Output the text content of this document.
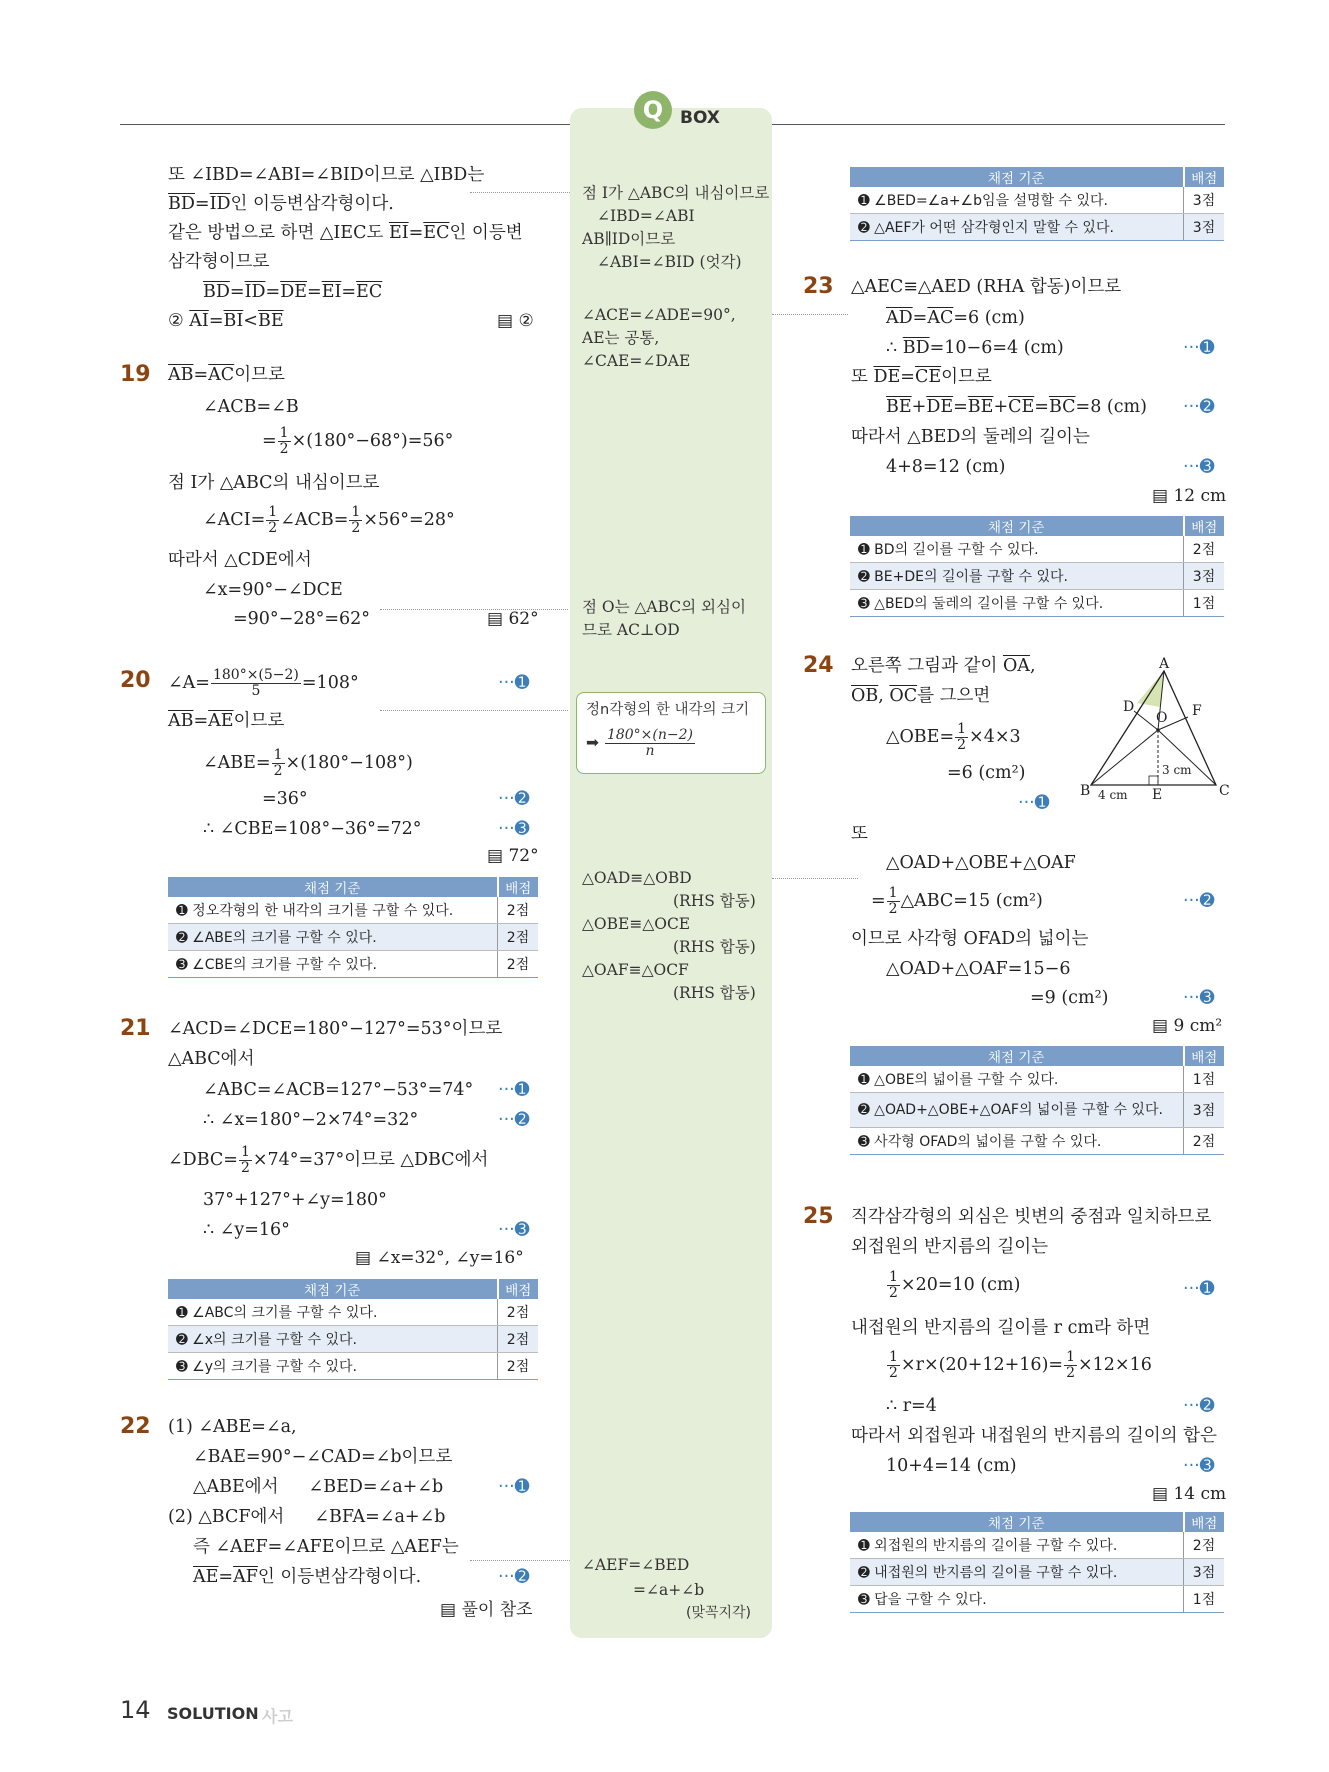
Q BOX
또 ∠IBD=∠ABI=∠BID이므로 △IBD는
$\overline{BD}=\overline{ID}$인 이등변삼각형이다.
같은 방법으로 하면 △IEC도 $\overline{EI}=\overline{EC}$인 이등변
삼각형이므로
$\overline{BD}=\overline{ID}=\overline{DE}=\overline{EI}=\overline{EC}$
② $\overline{AI}=\overline{BI}<\overline{BE}$	▤ ②
19 $\overline{AB}=\overline{AC}$이므로
∠ACB=∠B
= $\frac{1}{2} \times(180^\circ-68^\circ)=56^\circ$
점 I가 △ABC의 내심이므로
∠ACI= $\frac{1}{2}$ ∠ACB= $\frac{1}{2} \times 56^\circ=28^\circ$
따라서 △CDE에서
∠x=90°−∠DCE
=90°−28°=62°	▤ 62°
20 ∠A= $\frac{180^\circ\times(5-2)}{5} =108^\circ$	···➊
$\overline{AB}=\overline{AE}$이므로
∠ABE= $\frac{1}{2} \times(180^\circ-108^\circ)$
=36°	···➋
∴ ∠CBE=108°−36°=72°	···➌
▤ 72°
채점 기준	배점
➊ 정오각형의 한 내각의 크기를 구할 수 있다.	2점
➋ ∠ABE의 크기를 구할 수 있다.	2점
➌ ∠CBE의 크기를 구할 수 있다.	2점
21 ∠ACD=∠DCE=180°−127°=53°이므로
△ABC에서
∠ABC=∠ACB=127°−53°=74° ···➊
∴ ∠x=180°−2×74°=32°	···➋
∠DBC= $\frac{1}{2} \times 74^\circ=37^\circ$이므로 △DBC에서
37°+127°+∠y=180°
∴ ∠y=16°	···➌
▤ ∠x=32°, ∠y=16°
채점 기준	배점
➊ ∠ABC의 크기를 구할 수 있다.	2점
➋ ∠x의 크기를 구할 수 있다.	2점
➌ ∠y의 크기를 구할 수 있다.	2점
22 (1) ∠ABE=∠a,
∠BAE=90°−∠CAD=∠b이므로
△ABE에서 ∠BED=∠a+∠b	···➊
(2) △BCF에서 ∠BFA=∠a+∠b
즉 ∠AEF=∠AFE이므로 △AEF는
$\overline{AE}=\overline{AF}$인 이등변삼각형이다.	···➋
▤ 풀이 참조
점 I가 △ABC의 내심이므로
∠IBD=∠ABI
AB∥ID이므로
∠ABI=∠BID (엇각)
∠ACE=∠ADE=90°,
AE는 공통,
∠CAE=∠DAE
점 O는 △ABC의 외심이
므로 AC⊥OD
정n각형의 한 내각의 크기
➡ $\frac{180^\circ\times(n-2)}{n}$
△OAD≡△OBD
(RHS 합동)
△OBE≡△OCE
(RHS 합동)
△OAF≡△OCF
(RHS 합동)
∠AEF=∠BED
=∠a+∠b
(맞꼭지각)
채점 기준	배점
➊ ∠BED=∠a+∠b임을 설명할 수 있다.	3점
➋ △AEF가 어떤 삼각형인지 말할 수 있다.	3점
23 △AEC≡△AED (RHA 합동)이므로
$\overline{AD}=\overline{AC}=6$ (cm)
∴ $\overline{BD}=10-6=4$ (cm)	···➊
또 $\overline{DE}=\overline{CE}$이므로
$\overline{BE}+\overline{DE}=\overline{BE}+\overline{CE}=\overline{BC}=8$ (cm) ···➋
따라서 △BED의 둘레의 길이는
4+8=12 (cm)	···➌
▤ 12 cm
채점 기준	배점
➊ BD의 길이를 구할 수 있다.	2점
➋ BE+DE의 길이를 구할 수 있다.	3점
➌ △BED의 둘레의 길이를 구할 수 있다.	1점
24 오른쪽 그림과 같이 $\overline{OA}$,
$\overline{OB}$, $\overline{OC}$를 그으면
△OBE= $\frac{1}{2} \times 4\times 3$
=6 (cm²)
···➊
A
B	C
D
E
F
O
4 cm
3 cm
또
△OAD+△OBE+△OAF
= $\frac{1}{2}$ △ABC=15 (cm²)	···➋
이므로 사각형 OFAD의 넓이는
△OAD+△OAF=15−6
=9 (cm²)	···➌
▤ 9 cm²
채점 기준	배점
➊ △OBE의 넓이를 구할 수 있다.	1점
➋ △OAD+△OBE+△OAF의 넓이를 구할 수 있다.	3점
➌ 사각형 OFAD의 넓이를 구할 수 있다.	2점
25 직각삼각형의 외심은 빗변의 중점과 일치하므로
외접원의 반지름의 길이는
$\frac{1}{2} \times 20=10$ (cm)	···➊
내접원의 반지름의 길이를 r cm라 하면
$\frac{1}{2} \times r\times(20+12+16)= \frac{1}{2} \times 12\times 16$
∴ r=4	···➋
따라서 외접원과 내접원의 반지름의 길이의 합은
10+4=14 (cm)	···➌
▤ 14 cm
채점 기준	배점
➊ 외접원의 반지름의 길이를 구할 수 있다.	2점
➋ 내접원의 반지름의 길이를 구할 수 있다.	3점
➌ 답을 구할 수 있다.	1점
14 SOLUTION 사고
